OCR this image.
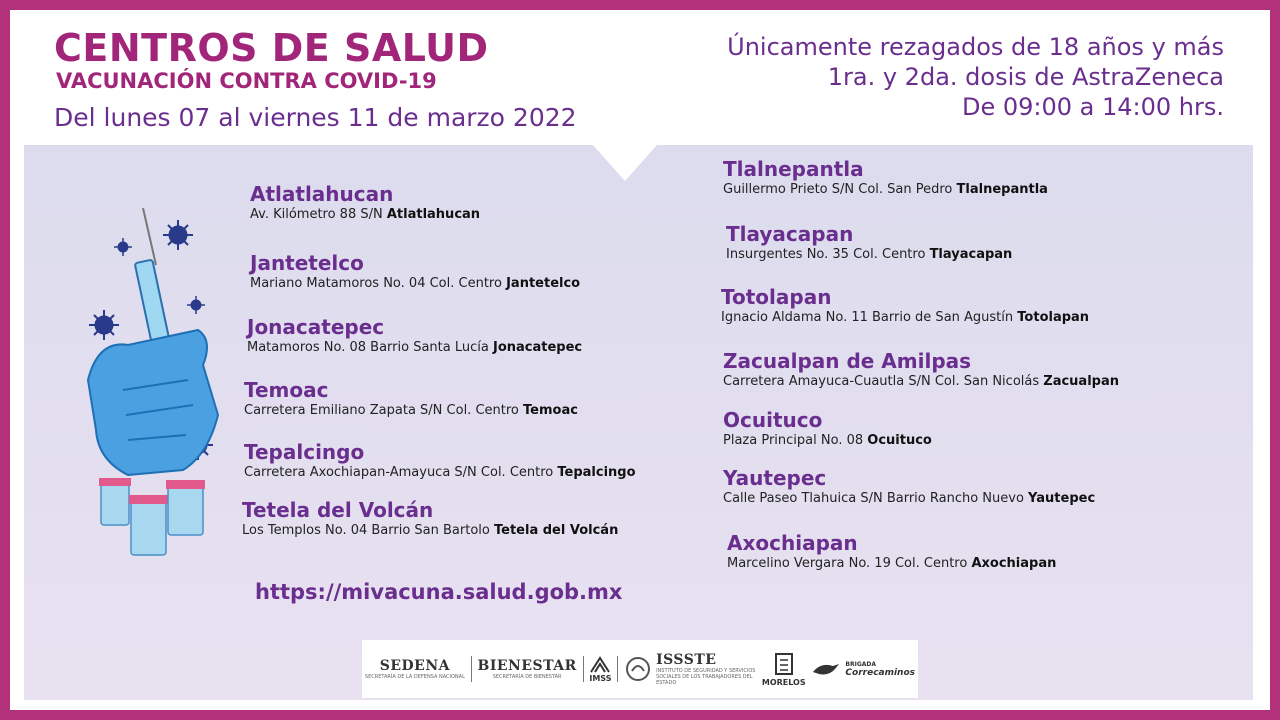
CENTROS DE SALUD
VACUNACIÓN CONTRA COVID-19
Del lunes 07 al viernes 11 de marzo 2022
Únicamente rezagados de 18 años y más
1ra. y 2da. dosis de AstraZeneca
De 09:00 a 14:00 hrs.
Atlatlahucan
Av. Kilómetro 88 S/N Atlatlahucan
Jantetelco
Mariano Matamoros No. 04 Col. Centro Jantetelco
Jonacatepec
Matamoros No. 08 Barrio Santa Lucía Jonacatepec
Temoac
Carretera Emiliano Zapata S/N Col. Centro Temoac
Tepalcingo
Carretera Axochiapan-Amayuca S/N Col. Centro Tepalcingo
Tetela del Volcán
Los Templos No. 04 Barrio San Bartolo Tetela del Volcán
Tlalnepantla
Guillermo Prieto S/N Col. San Pedro Tlalnepantla
Tlayacapan
Insurgentes No. 35 Col. Centro Tlayacapan
Totolapan
Ignacio Aldama No. 11 Barrio de San Agustín Totolapan
Zacualpan de Amilpas
Carretera Amayuca-Cuautla S/N Col. San Nicolás Zacualpan
Ocuituco
Plaza Principal No. 08 Ocuituco
Yautepec
Calle Paseo Tlahuica S/N Barrio Rancho Nuevo Yautepec
Axochiapan
Marcelino Vergara No. 19 Col. Centro Axochiapan
https://mivacuna.salud.gob.mx
SEDENA
SECRETARÍA DE LA DEFENSA NACIONAL
BIENESTAR
SECRETARÍA DE BIENESTAR	IMSS
ISSSTE
INSTITUTO DE SEGURIDAD Y SERVICIOS SOCIALES DE LOS TRABAJADORES DEL ESTADO	MORELOS
BRIGADA
Correcaminos
